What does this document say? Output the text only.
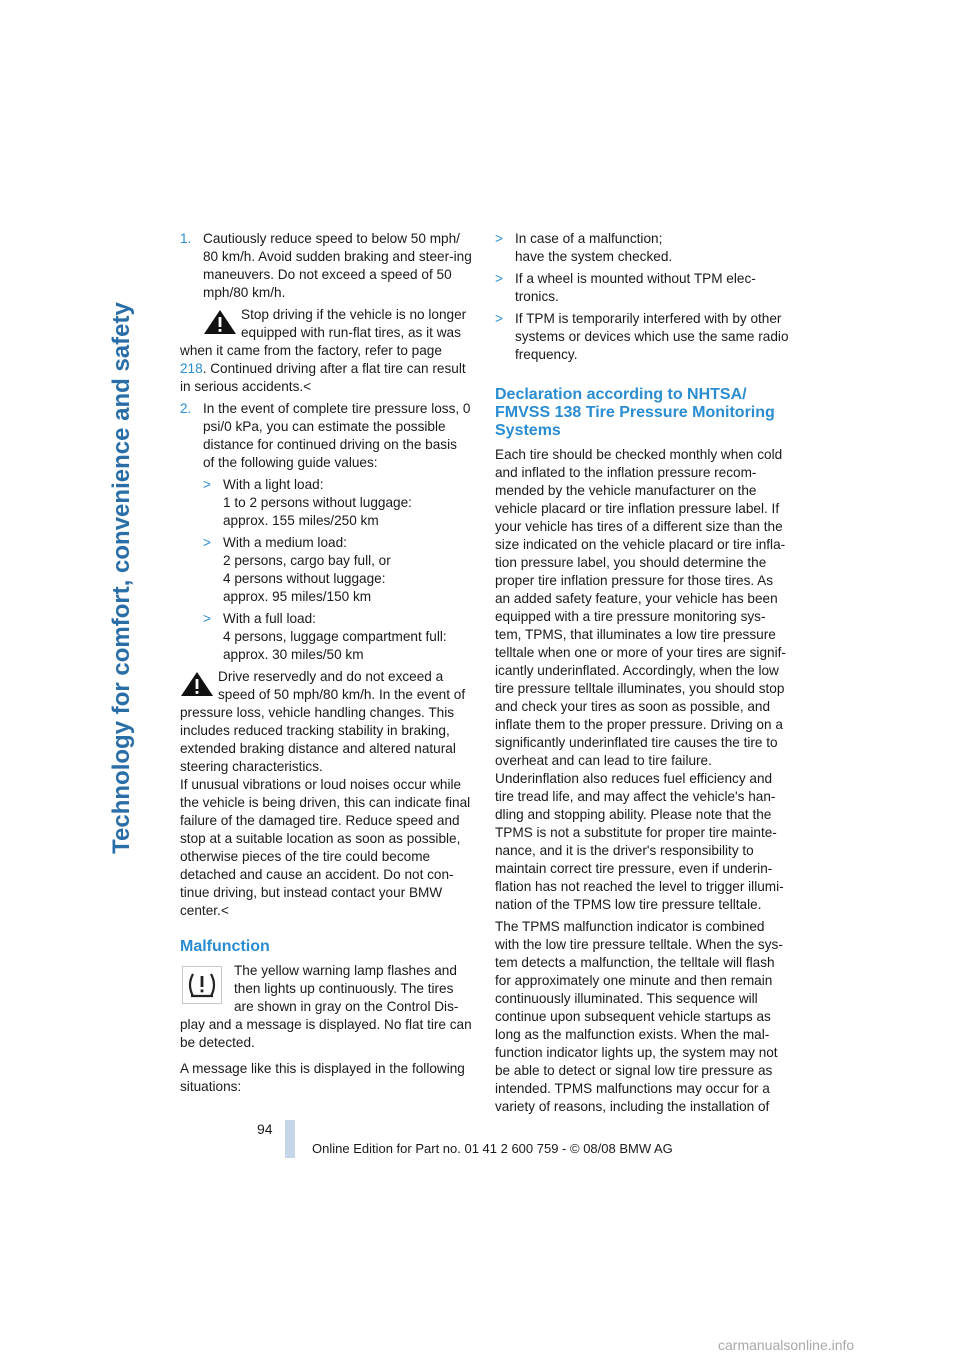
Technology for comfort, convenience and safety
1. Cautiously reduce speed to below 50 mph/ 80 km/h. Avoid sudden braking and steer-ing maneuvers. Do not exceed a speed of 50 mph/80 km/h.

Stop driving if the vehicle is no longer equipped with run-flat tires, as it was when it came from the factory, refer to page 218. Continued driving after a flat tire can result in serious accidents.<

2. In the event of complete tire pressure loss, 0 psi/0 kPa, you can estimate the possible distance for continued driving on the basis of the following guide values:

> With a light load:
1 to 2 persons without luggage:
approx. 155 miles/250 km
> With a medium load:
2 persons, cargo bay full, or
4 persons without luggage:
approx. 95 miles/150 km
> With a full load:
4 persons, luggage compartment full:
approx. 30 miles/50 km

Drive reservedly and do not exceed a speed of 50 mph/80 km/h. In the event of pressure loss, vehicle handling changes. This includes reduced tracking stability in braking, extended braking distance and altered natural steering characteristics.

If unusual vibrations or loud noises occur while the vehicle is being driven, this can indicate final failure of the damaged tire. Reduce speed and stop at a suitable location as soon as possible, otherwise pieces of the tire could become detached and cause an accident. Do not con-tinue driving, but instead contact your BMW center.<

Malfunction

The yellow warning lamp flashes and then lights up continuously. The tires are shown in gray on the Control Dis-play and a message is displayed. No flat tire can be detected.

A message like this is displayed in the following situations:

> In case of a malfunction;
have the system checked.
> If a wheel is mounted without TPM elec-tronics.
> If TPM is temporarily interfered with by other systems or devices which use the same radio frequency.

Declaration according to NHTSA/ FMVSS 138 Tire Pressure Monitoring Systems

Each tire should be checked monthly when cold and inflated to the inflation pressure recom-mended by the vehicle manufacturer on the vehicle placard or tire inflation pressure label. If your vehicle has tires of a different size than the size indicated on the vehicle placard or tire infla-tion pressure label, you should determine the proper tire inflation pressure for those tires. As an added safety feature, your vehicle has been equipped with a tire pressure monitoring sys-tem, TPMS, that illuminates a low tire pressure telltale when one or more of your tires are signif-icantly underinflated. Accordingly, when the low tire pressure telltale illuminates, you should stop and check your tires as soon as possible, and inflate them to the proper pressure. Driving on a significantly underinflated tire causes the tire to overheat and can lead to tire failure. Underinflation also reduces fuel efficiency and tire tread life, and may affect the vehicle's han-dling and stopping ability. Please note that the TPMS is not a substitute for proper tire mainte-nance, and it is the driver's responsibility to maintain correct tire pressure, even if underin-flation has not reached the level to trigger illumi-nation of the TPMS low tire pressure telltale.

The TPMS malfunction indicator is combined with the low tire pressure telltale. When the sys-tem detects a malfunction, the telltale will flash for approximately one minute and then remain continuously illuminated. This sequence will continue upon subsequent vehicle startups as long as the malfunction exists. When the mal-function indicator lights up, the system may not be able to detect or signal low tire pressure as intended. TPMS malfunctions may occur for a variety of reasons, including the installation of

94
Online Edition for Part no. 01 41 2 600 759 - © 08/08 BMW AG
carmanualsonline.info
